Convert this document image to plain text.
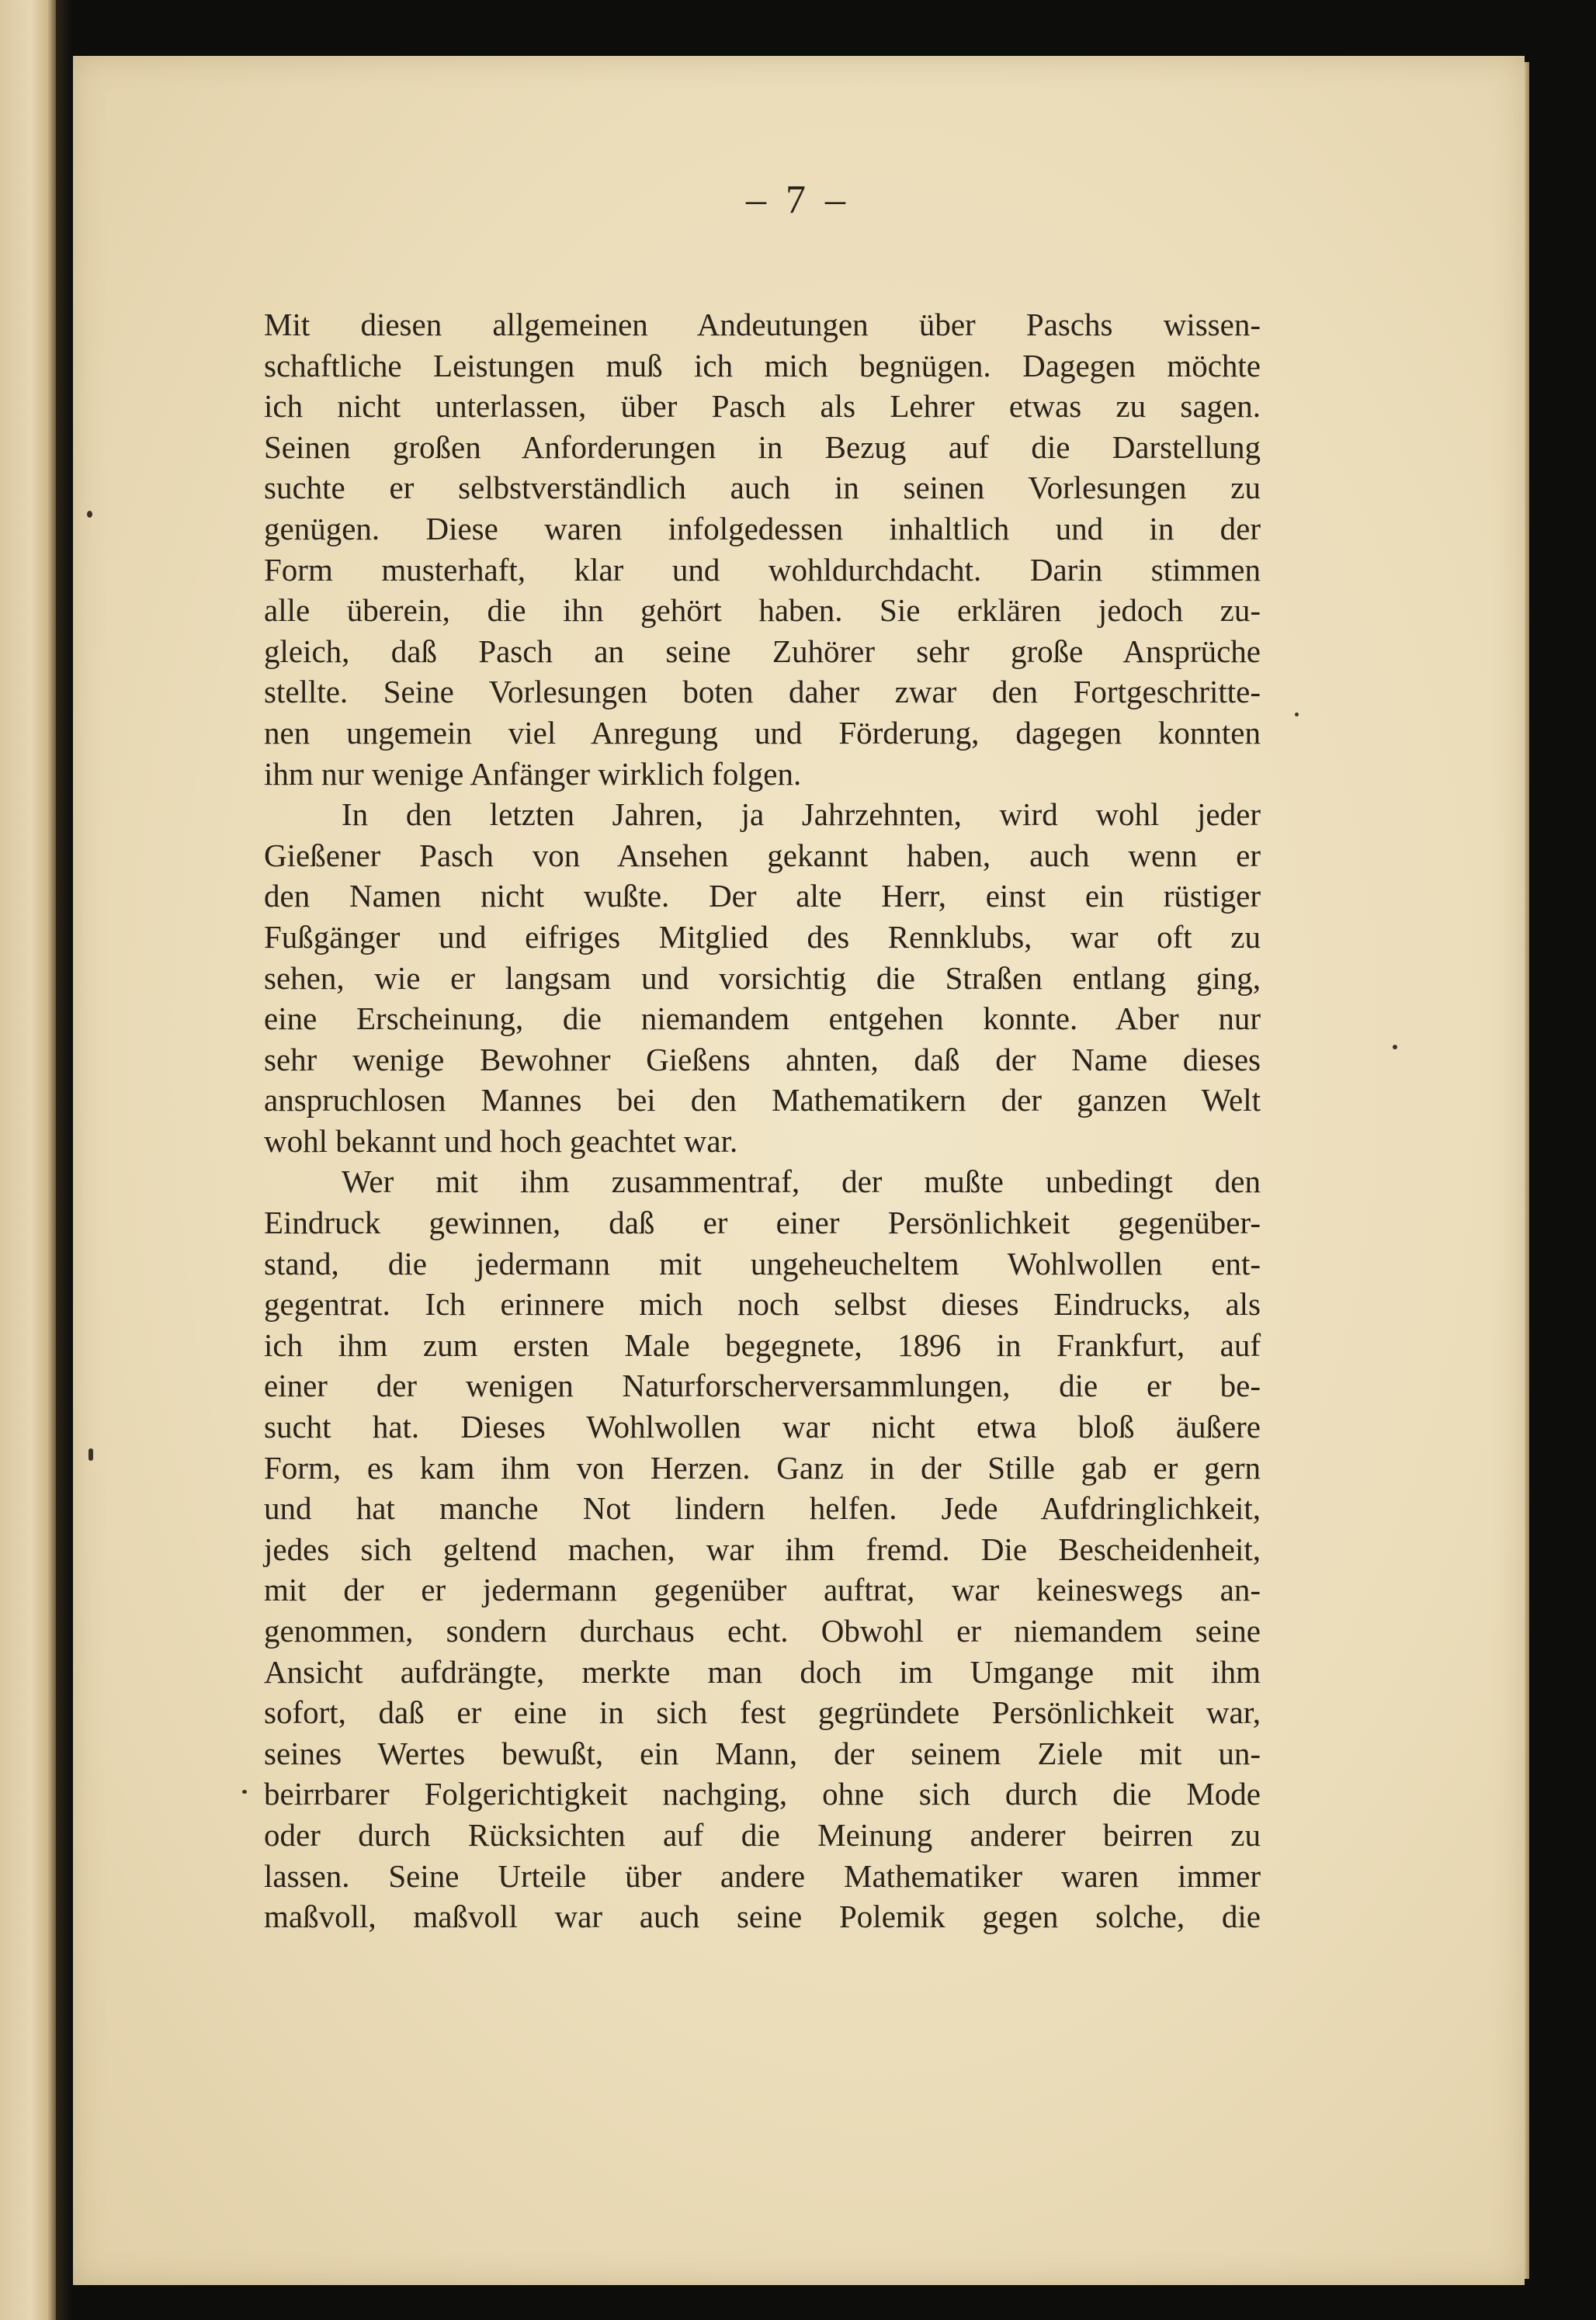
– 7 –
Mit diesen allgemeinen Andeutungen über Paschs wissen-
schaftliche Leistungen muß ich mich begnügen. Dagegen möchte
ich nicht unterlassen, über Pasch als Lehrer etwas zu sagen.
Seinen großen Anforderungen in Bezug auf die Darstellung
suchte er selbstverständlich auch in seinen Vorlesungen zu
genügen. Diese waren infolgedessen inhaltlich und in der
Form musterhaft, klar und wohldurchdacht. Darin stimmen
alle überein, die ihn gehört haben. Sie erklären jedoch zu-
gleich, daß Pasch an seine Zuhörer sehr große Ansprüche
stellte. Seine Vorlesungen boten daher zwar den Fortgeschritte-
nen ungemein viel Anregung und Förderung, dagegen konnten
ihm nur wenige Anfänger wirklich folgen.
In den letzten Jahren, ja Jahrzehnten, wird wohl jeder
Gießener Pasch von Ansehen gekannt haben, auch wenn er
den Namen nicht wußte. Der alte Herr, einst ein rüstiger
Fußgänger und eifriges Mitglied des Rennklubs, war oft zu
sehen, wie er langsam und vorsichtig die Straßen entlang ging,
eine Erscheinung, die niemandem entgehen konnte. Aber nur
sehr wenige Bewohner Gießens ahnten, daß der Name dieses
anspruchlosen Mannes bei den Mathematikern der ganzen Welt
wohl bekannt und hoch geachtet war.
Wer mit ihm zusammentraf, der mußte unbedingt den
Eindruck gewinnen, daß er einer Persönlichkeit gegenüber-
stand, die jedermann mit ungeheucheltem Wohlwollen ent-
gegentrat. Ich erinnere mich noch selbst dieses Eindrucks, als
ich ihm zum ersten Male begegnete, 1896 in Frankfurt, auf
einer der wenigen Naturforscherversammlungen, die er be-
sucht hat. Dieses Wohlwollen war nicht etwa bloß äußere
Form, es kam ihm von Herzen. Ganz in der Stille gab er gern
und hat manche Not lindern helfen. Jede Aufdringlichkeit,
jedes sich geltend machen, war ihm fremd. Die Bescheidenheit,
mit der er jedermann gegenüber auftrat, war keineswegs an-
genommen, sondern durchaus echt. Obwohl er niemandem seine
Ansicht aufdrängte, merkte man doch im Umgange mit ihm
sofort, daß er eine in sich fest gegründete Persönlichkeit war,
seines Wertes bewußt, ein Mann, der seinem Ziele mit un-
beirrbarer Folgerichtigkeit nachging, ohne sich durch die Mode
oder durch Rücksichten auf die Meinung anderer beirren zu
lassen. Seine Urteile über andere Mathematiker waren immer
maßvoll, maßvoll war auch seine Polemik gegen solche, die
